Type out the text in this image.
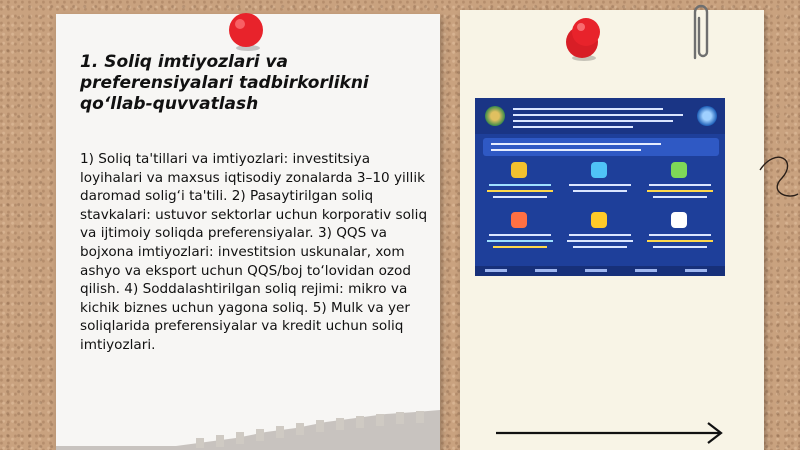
1. Soliq imtiyozlari va preferensiyalari tadbirkorlikni qo‘llab-quvvatlash
1) Soliq ta'tillari va imtiyozlari: investitsiya loyihalari va maxsus iqtisodiy zonalarda 3–10 yillik daromad solig‘i ta'tili. 2) Pasaytirilgan soliq stavkalari: ustuvor sektorlar uchun korporativ soliq va ijtimoiy soliqda preferensiyalar. 3) QQS va bojxona imtiyozlari: investitsion uskunalar, xom ashyo va eksport uchun QQS/boj to‘lovidan ozod qilish. 4) Soddalashtirilgan soliq rejimi: mikro va kichik biznes uchun yagona soliq. 5) Mulk va yer soliqlarida preferensiyalar va kredit uchun soliq imtiyozlari.
